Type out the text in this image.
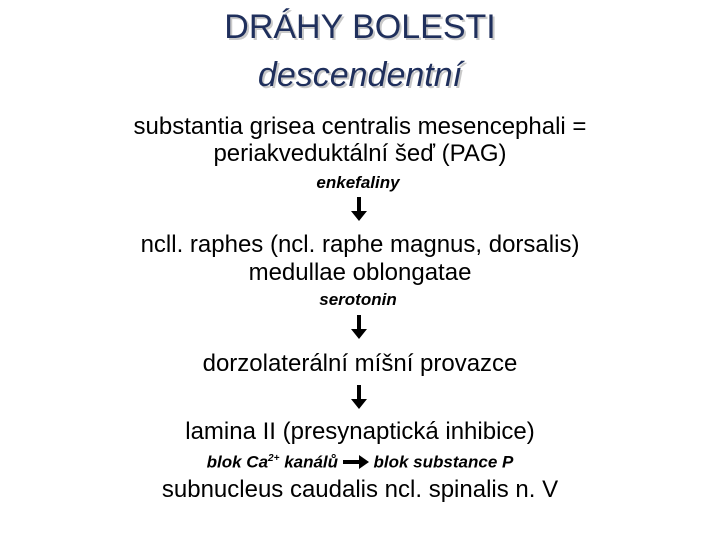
DRÁHY BOLESTI
descendentní
substantia grisea centralis mesencephali =
periakveduktální šeď (PAG)
enkefaliny
ncll. raphes (ncl. raphe magnus, dorsalis)
medullae oblongatae
serotonin
dorzolaterální míšní provazce
lamina II (presynaptická inhibice)
blok $Ca^{2+}$ kanálů blok substance P
subnucleus caudalis ncl. spinalis n. V
